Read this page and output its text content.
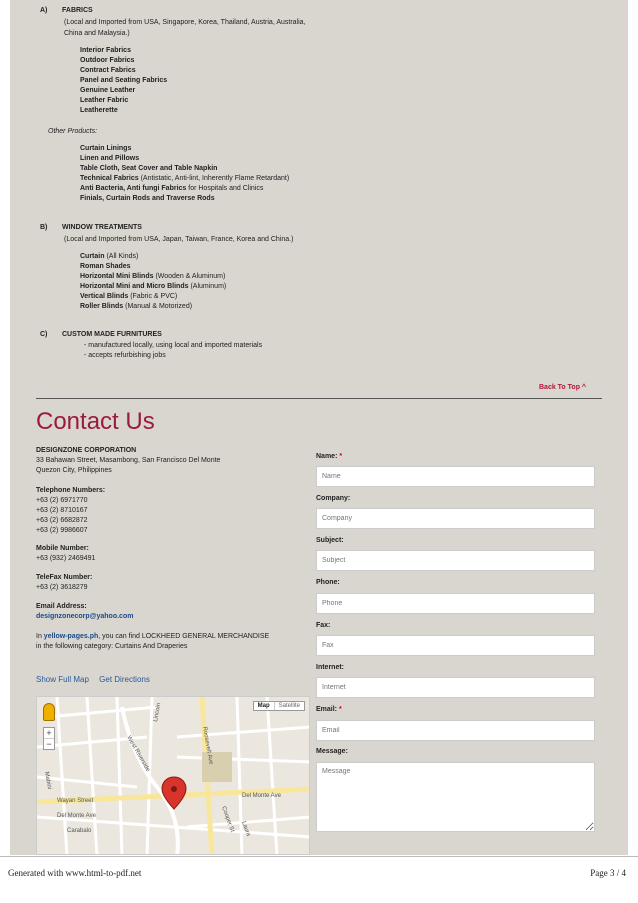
A) FABRICS
(Local and Imported from USA, Singapore, Korea, Thailand, Austria, Australia,
China and Malaysia.)
Interior Fabrics
Outdoor Fabrics
Contract Fabrics
Panel and Seating Fabrics
Genuine Leather
Leather Fabric
Leatherette
Other Products:
Curtain Linings
Linen and Pillows
Table Cloth, Seat Cover and Table Napkin
Technical Fabrics (Antistatic, Anti-lint, Inherently Flame Retardant)
Anti Bacteria, Anti fungi Fabrics for Hospitals and Clinics
Finials, Curtain Rods and Traverse Rods
B) WINDOW TREATMENTS
(Local and Imported from USA, Japan, Taiwan, France, Korea and China.)
Curtain (All Kinds)
Roman Shades
Horizontal Mini Blinds (Wooden & Aluminum)
Horizontal Mini and Micro Blinds (Aluminum)
Vertical Blinds (Fabric & PVC)
Roller Blinds (Manual & Motorized)
C) CUSTOM MADE FURNITURES
- manufactured locally, using local and imported materials
- accepts refurbishing jobs
Back To Top ^
Contact Us
DESIGNZONE CORPORATION
33 Bahawan Street, Masambong, San Francisco Del Monte
Quezon City, Philippines
Telephone Numbers:
+63 (2) 6971770
+63 (2) 8710167
+63 (2) 6682872
+63 (2) 9986607
Mobile Number:
+63 (932) 2469491
TeleFax Number:
+63 (2) 3618279
Email Address:
designzonecorp@yahoo.com
In yellow-pages.ph, you can find LOCKHEED GENERAL MERCHANDISE
in the following category: Curtains And Draperies
Show Full Map Get Directions
Del Monte Ave
Roosevelt Ave
West Riverside
Lincoln
Cooper St
Del Monte Ave
Carabalo
Wayan Street
Laura
Mabini
Map	Satellite
+
−
Name: *
Name
Company:
Company
Subject:
Subject
Phone:
Phone
Fax:
Fax
Internet:
Internet
Email: *
Email
Message:
Message
Generated with www.html-to-pdf.net	Page 3 / 4
